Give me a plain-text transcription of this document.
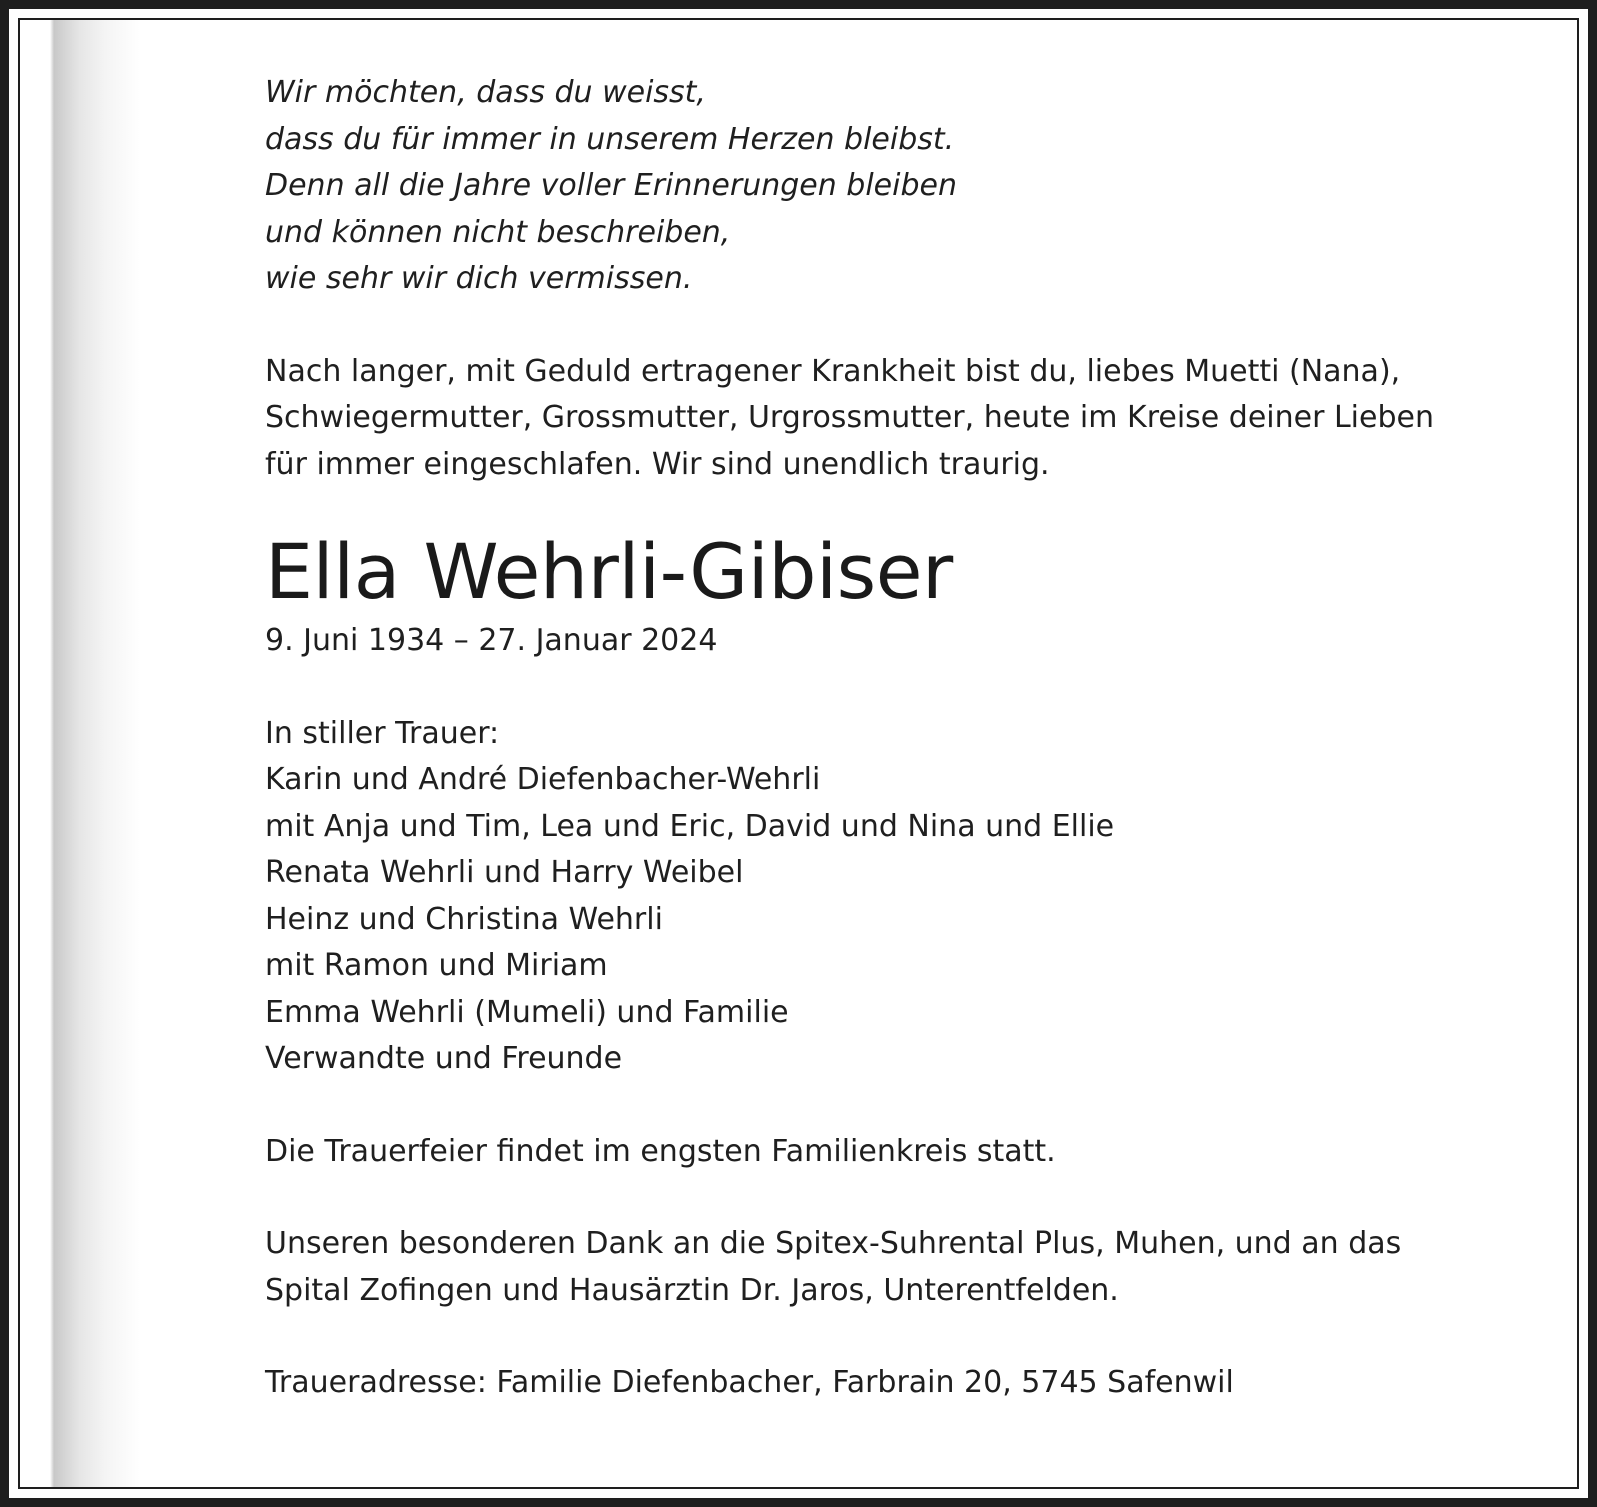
Wir möchten, dass du weisst,
dass du für immer in unserem Herzen bleibst.
Denn all die Jahre voller Erinnerungen bleiben
und können nicht beschreiben,
wie sehr wir dich vermissen.
Nach langer, mit Geduld ertragener Krankheit bist du, liebes Muetti (Nana),
Schwiegermutter, Grossmutter, Urgrossmutter, heute im Kreise deiner Lieben
für immer eingeschlafen. Wir sind unendlich traurig.
Ella Wehrli-Gibiser
9. Juni 1934 – 27. Januar 2024
In stiller Trauer:
Karin und André Diefenbacher-Wehrli
mit Anja und Tim, Lea und Eric, David und Nina und Ellie
Renata Wehrli und Harry Weibel
Heinz und Christina Wehrli
mit Ramon und Miriam
Emma Wehrli (Mumeli) und Familie
Verwandte und Freunde
Die Trauerfeier findet im engsten Familienkreis statt.
Unseren besonderen Dank an die Spitex-Suhrental Plus, Muhen, und an das
Spital Zofingen und Hausärztin Dr. Jaros, Unterentfelden.
Traueradresse: Familie Diefenbacher, Farbrain 20, 5745 Safenwil
